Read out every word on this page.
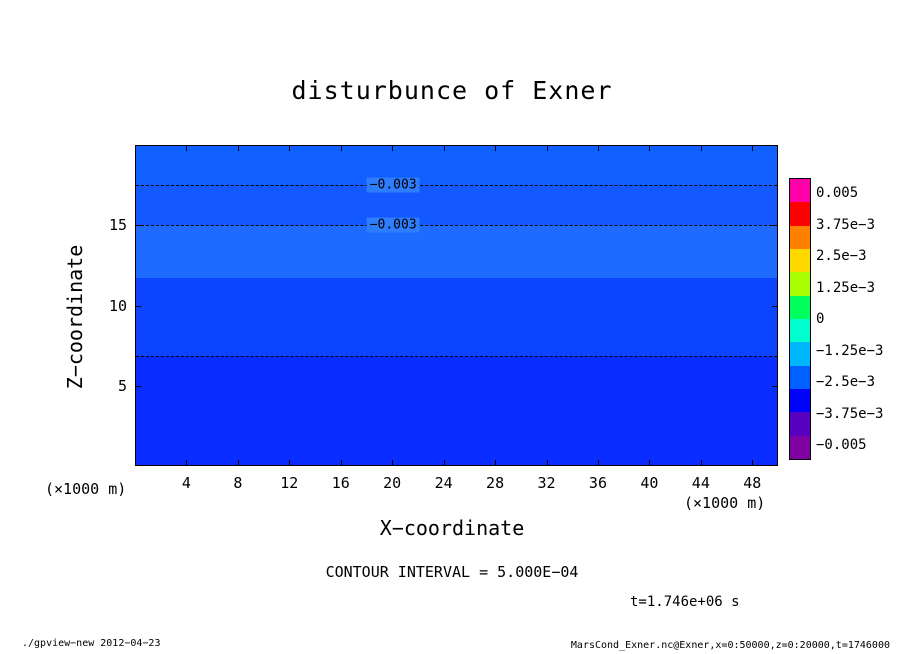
disturbunce of Exner
−0.003
−0.003
4	8	12 16 20 24 28 32 36 40 44 48
5
10
15
X−coordinate
Z−coordinate
(×1000 m)
(×1000 m)
CONTOUR INTERVAL = 5.000E−04
t=1.746e+06 s
./gpview−new 2012−04−23	MarsCond_Exner.nc@Exner,x=0:50000,z=0:20000,t=1746000
0.005
3.75e−3
2.5e−3
1.25e−3
0
−1.25e−3
−2.5e−3
−3.75e−3
−0.005
